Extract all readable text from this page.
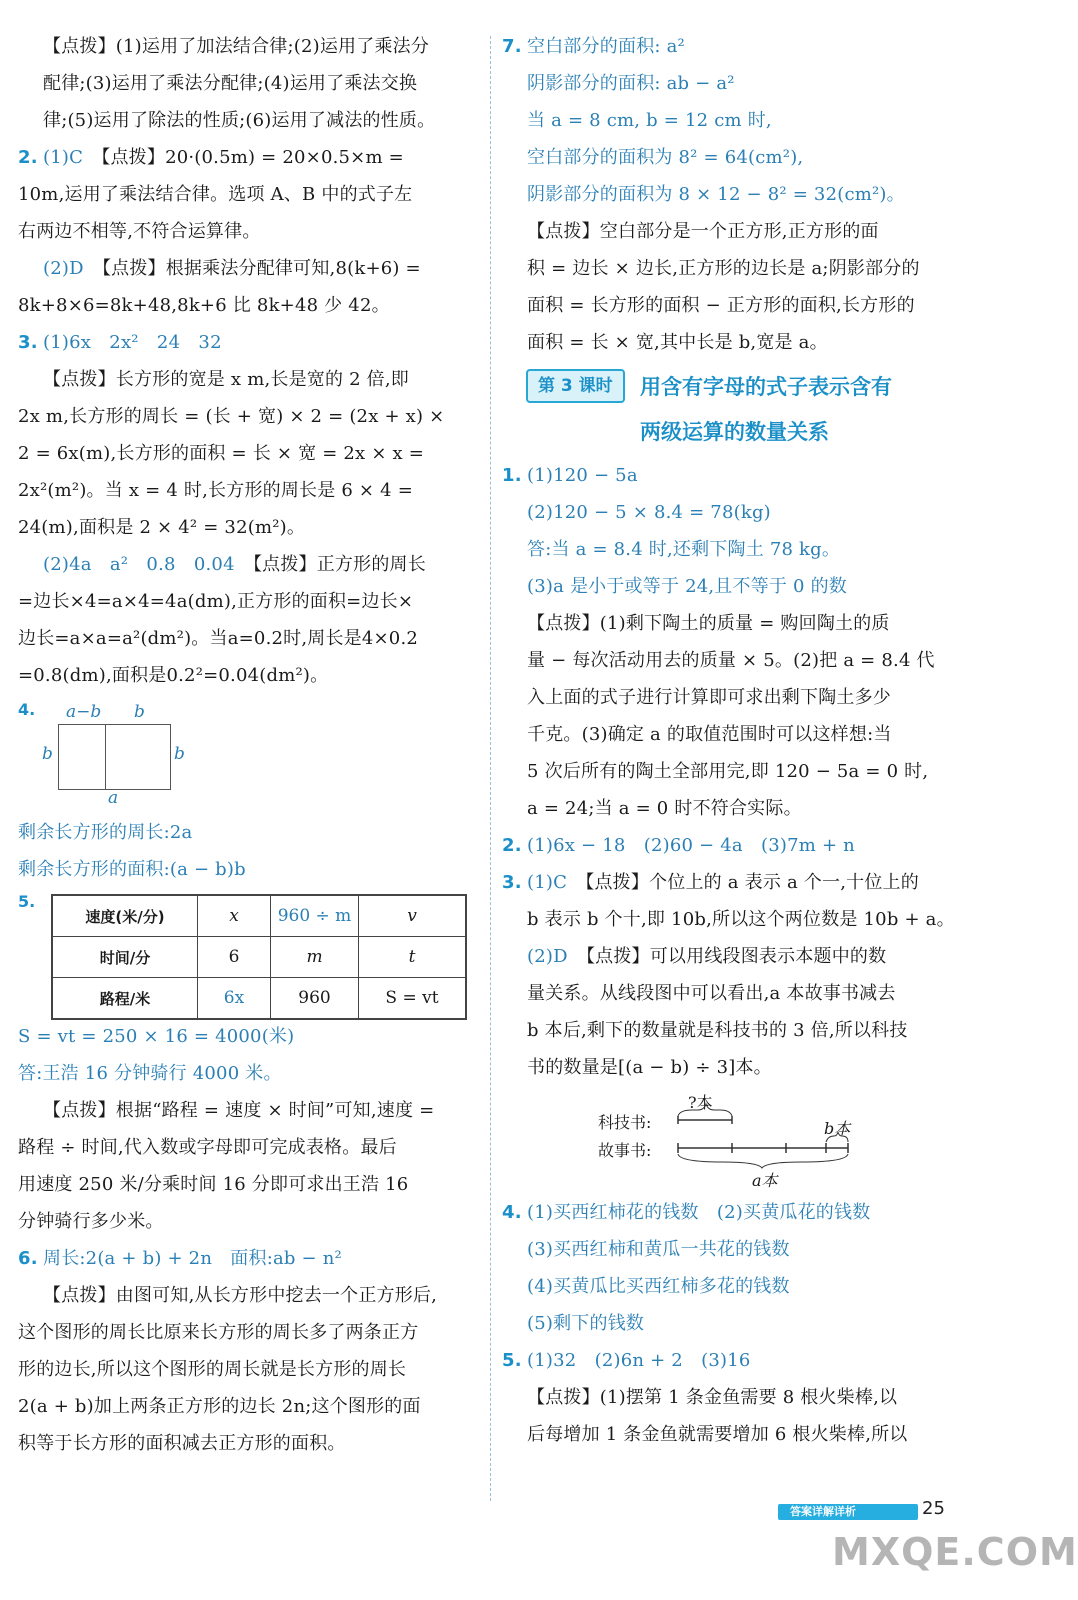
【点拨】(1)运用了加法结合律;(2)运用了乘法分

配律;(3)运用了乘法分配律;(4)运用了乘法交换

律;(5)运用了除法的性质;(6)运用了减法的性质。

2. (1)C　 【点拨】20·(0.5m) = 20×0.5×m =

10m,运用了乘法结合律。选项 A、B 中的式子左

右两边不相等,不符合运算律。

(2)D　 【点拨】根据乘法分配律可知,8(k+6) =

8k+8×6=8k+48,8k+6 比 8k+48 少 42。

3. (1)6x　2x²　24　32

【点拨】长方形的宽是 x m,长是宽的 2 倍,即

2x m,长方形的周长 = (长 + 宽) × 2 = (2x + x) ×

2 = 6x(m),长方形的面积 = 长 × 宽 = 2x × x =

2x²(m²)。当 x = 4 时,长方形的周长是 6 × 4 =

24(m),面积是 2 × 4² = 32(m²)。

(2)4a　a²　0.8　0.04　 【点拨】正方形的周长

=边长×4=a×4=4a(dm),正方形的面积=边长×

边长=a×a=a²(dm²)。当a=0.2时,周长是4×0.2

=0.8(dm),面积是0.2²=0.04(dm²)。

4.	a−b b
b	b
a

剩余长方形的周长:2a

剩余长方形的面积:(a − b)b

5.
速度(米/分)	x	960 ÷ m	v
时间/分	6	m	t
路程/米	6x	960	S = vt

S = vt = 250 × 16 = 4000(米)

答:王浩 16 分钟骑行 4000 米。

【点拨】根据“路程 = 速度 × 时间”可知,速度 =

路程 ÷ 时间,代入数或字母即可完成表格。最后

用速度 250 米/分乘时间 16 分即可求出王浩 16

分钟骑行多少米。

6. 周长:2(a + b) + 2n　面积:ab − n²

【点拨】由图可知,从长方形中挖去一个正方形后,

这个图形的周长比原来长方形的周长多了两条正方

形的边长,所以这个图形的周长就是长方形的周长

2(a + b)加上两条正方形的边长 2n;这个图形的面

积等于长方形的面积减去正方形的面积。

7. 空白部分的面积: a²

阴影部分的面积: ab − a²

当 a = 8 cm, b = 12 cm 时,

空白部分的面积为 8² = 64(cm²),

阴影部分的面积为 8 × 12 − 8² = 32(cm²)。

【点拨】空白部分是一个正方形,正方形的面

积 = 边长 × 边长,正方形的边长是 a;阴影部分的

面积 = 长方形的面积 − 正方形的面积,长方形的

面积 = 长 × 宽,其中长是 b,宽是 a。

第 3 课时	用含有字母的式子表示含有
两级运算的数量关系

1. (1)120 − 5a

(2)120 − 5 × 8.4 = 78(kg)

答:当 a = 8.4 时,还剩下陶土 78 kg。

(3)a 是小于或等于 24,且不等于 0 的数

【点拨】(1)剩下陶土的质量 = 购回陶土的质

量 − 每次活动用去的质量 × 5。(2)把 a = 8.4 代

入上面的式子进行计算即可求出剩下陶土多少

千克。(3)确定 a 的取值范围时可以这样想:当

5 次后所有的陶土全部用完,即 120 − 5a = 0 时,

a = 24;当 a = 0 时不符合实际。

2. (1)6x − 18　(2)60 − 4a　(3)7m + n

3. (1)C　 【点拨】个位上的 a 表示 a 个一,十位上的

b 表示 b 个十,即 10b,所以这个两位数是 10b + a。

(2)D　 【点拨】可以用线段图表示本题中的数

量关系。从线段图中可以看出,a 本故事书减去

b 本后,剩下的数量就是科技书的 3 倍,所以科技

书的数量是[(a − b) ÷ 3]本。

?本
科技书:
故事书:
b本
a本

4. (1)买西红柿花的钱数　(2)买黄瓜花的钱数

(3)买西红柿和黄瓜一共花的钱数

(4)买黄瓜比买西红柿多花的钱数

(5)剩下的钱数

5. (1)32　(2)6n + 2　(3)16

【点拨】(1)摆第 1 条金鱼需要 8 根火柴棒,以

后每增加 1 条金鱼就需要增加 6 根火柴棒,所以

答案详解详析	25
MXQE.COM
